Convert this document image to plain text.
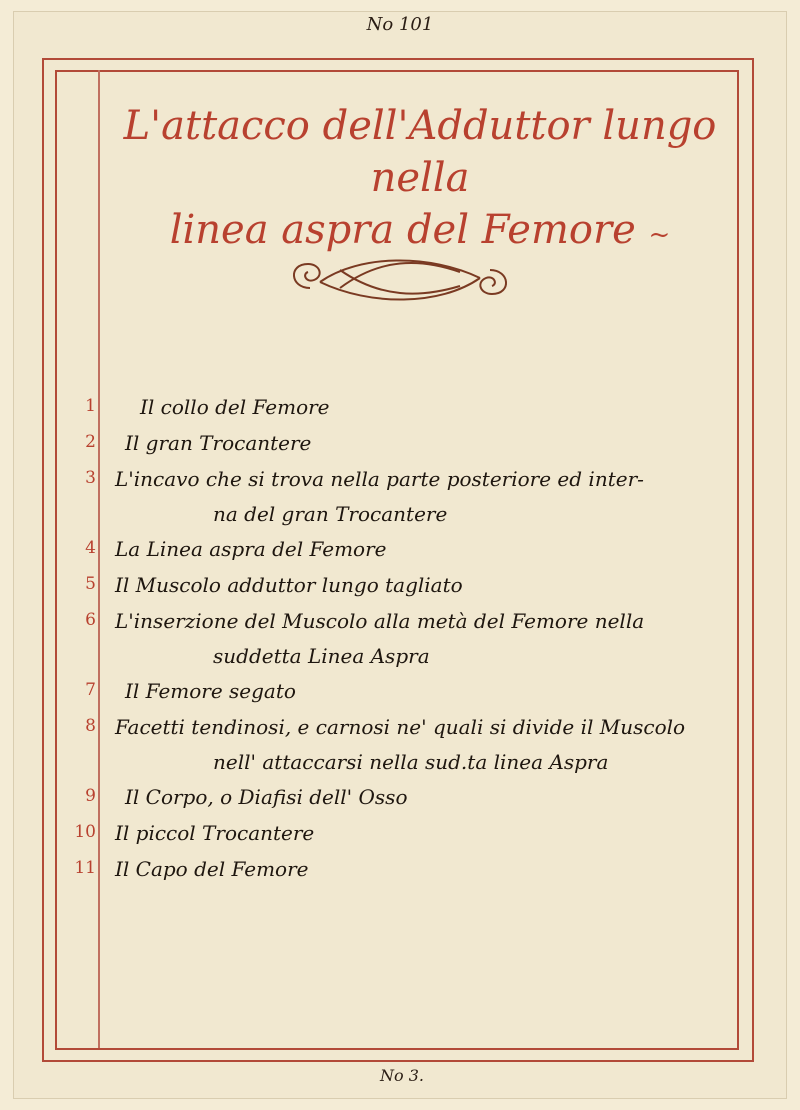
No 101
L'attacco dell'Adduttor lungo nella
linea aspra del Femore ~
1 Il collo del Femore
2 Il gran Trocantere
3 L'incavo che si trova nella parte posteriore ed inter-
na del gran Trocantere
4 La Linea aspra del Femore
5 Il Muscolo adduttor lungo tagliato
6 L'inserzione del Muscolo alla metà del Femore nella
suddetta Linea Aspra
7 Il Femore segato
8 Facetti tendinosi, e carnosi ne' quali si divide il Muscolo
nell' attaccarsi nella sud.ta linea Aspra
9 Il Corpo, o Diafisi dell' Osso
10 Il piccol Trocantere
11 Il Capo del Femore
No 3.
